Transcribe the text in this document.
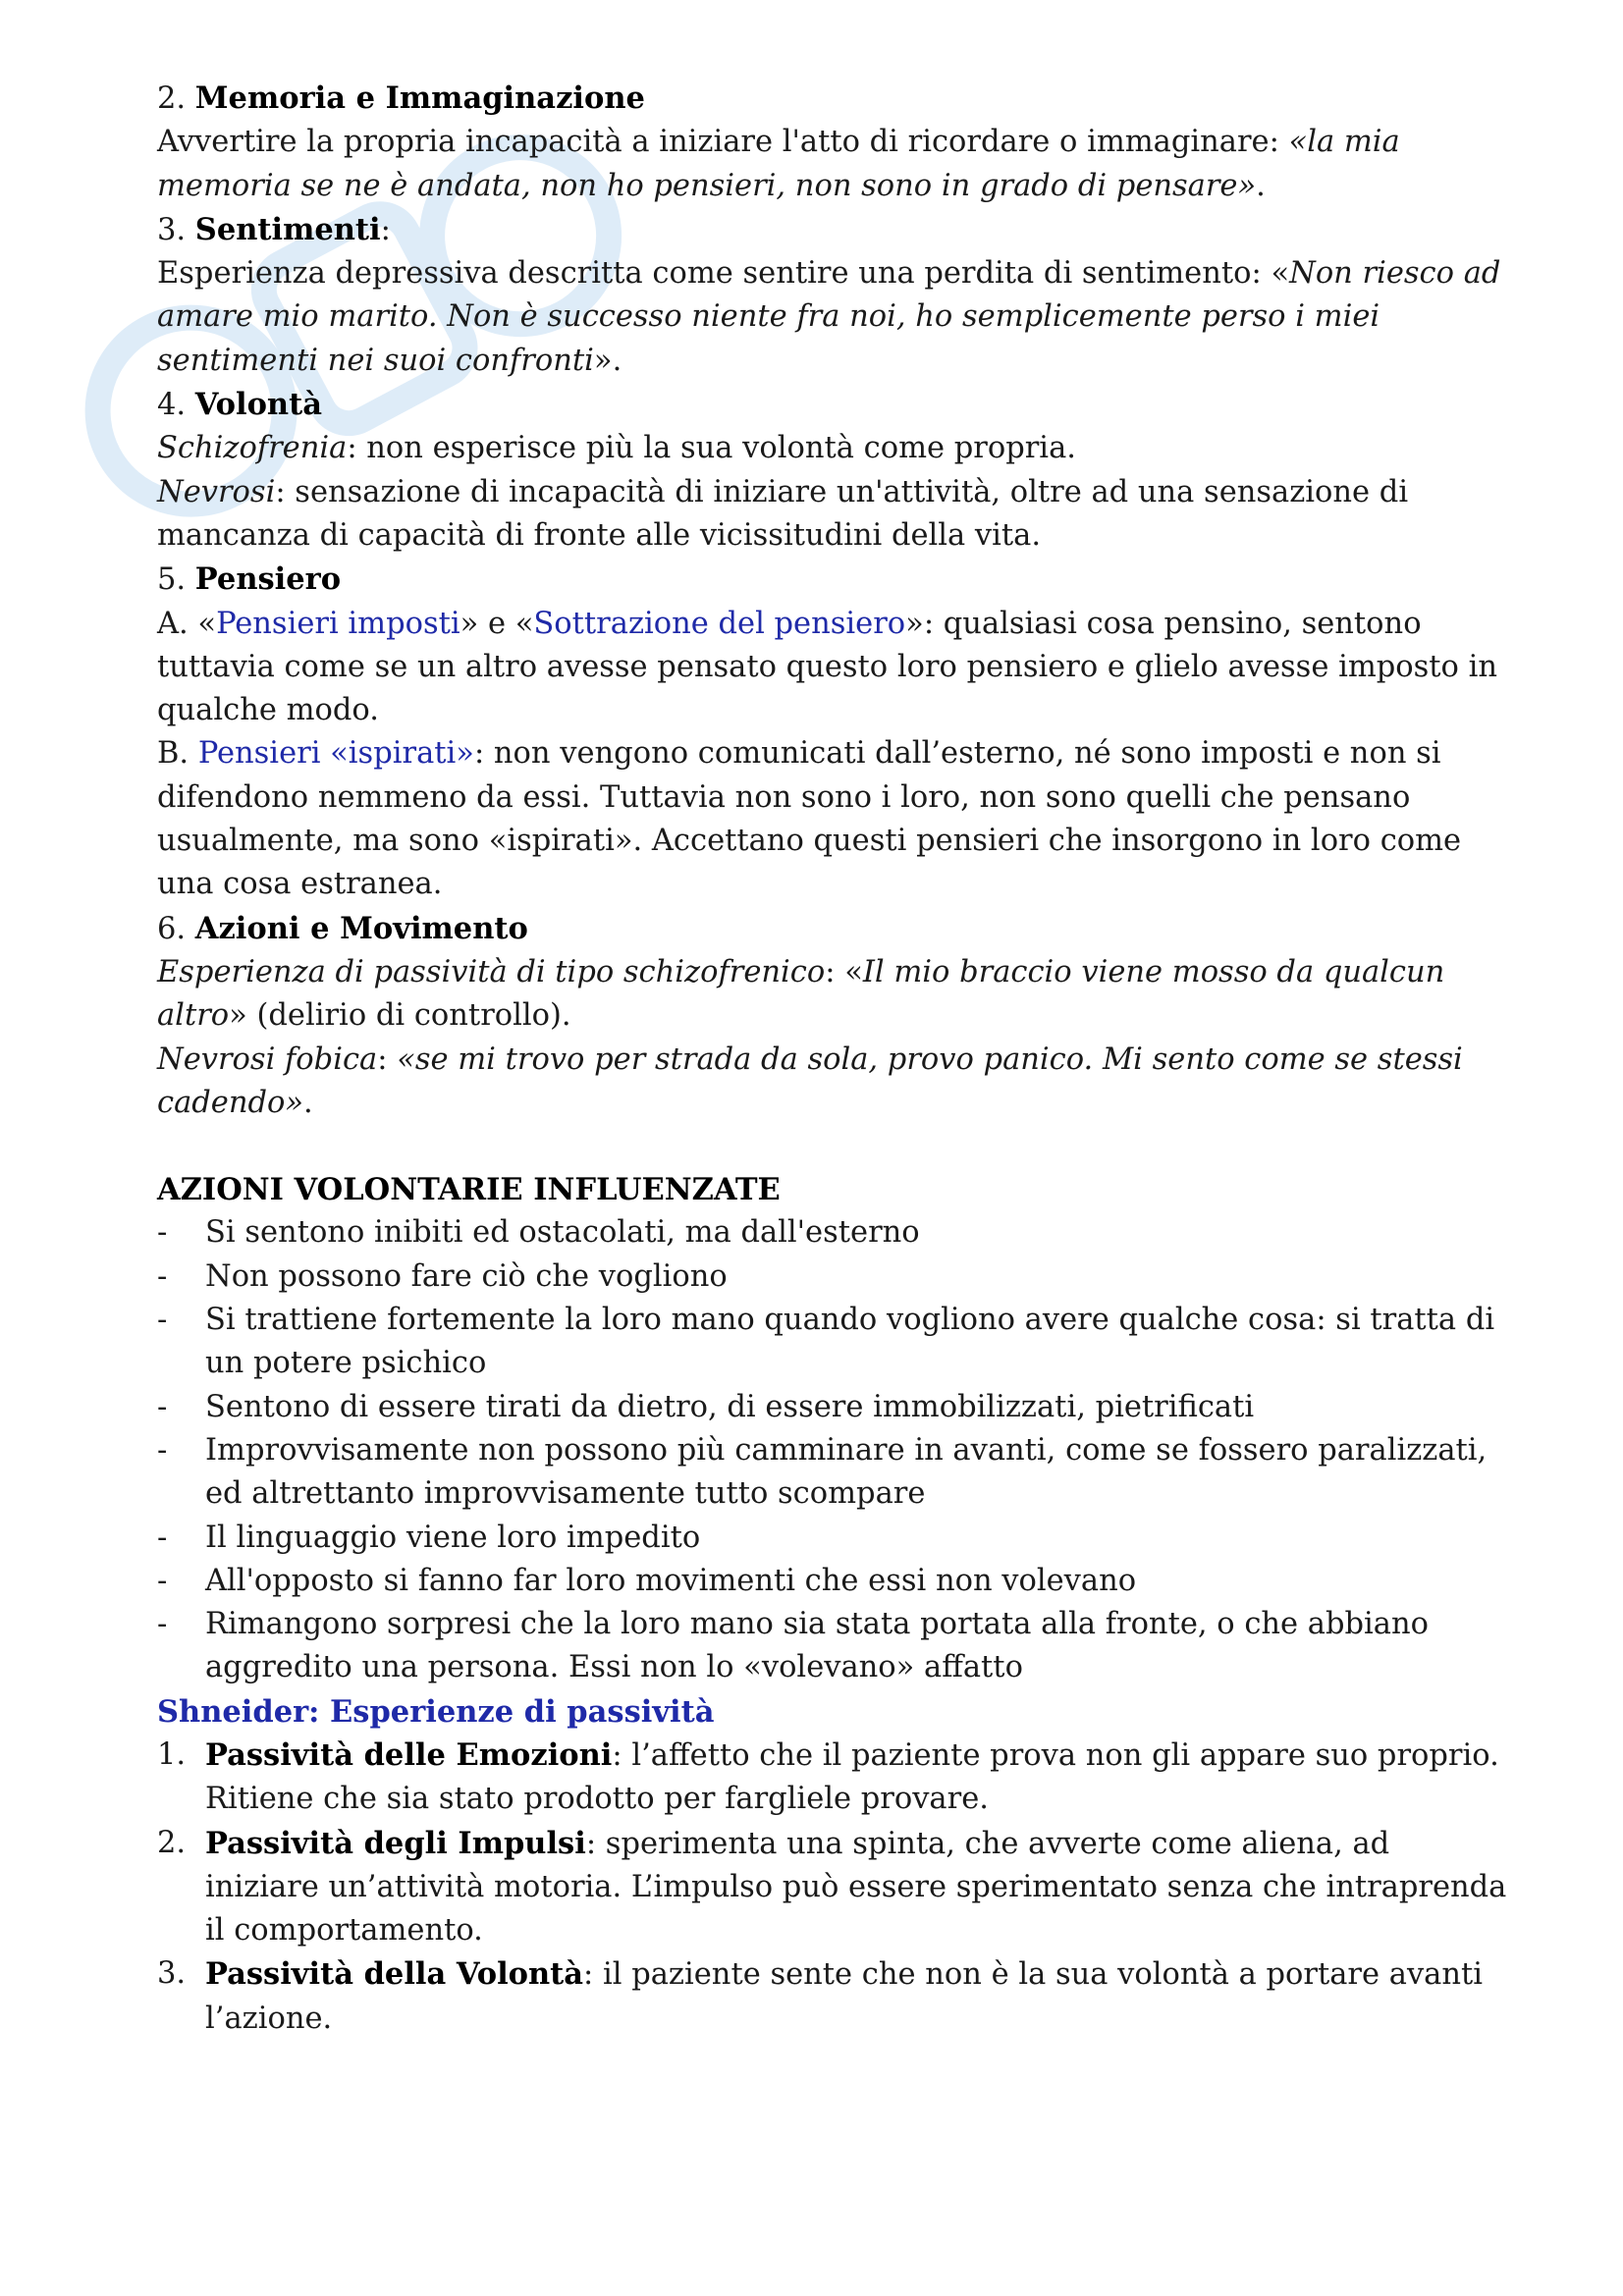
2. Memoria e Immaginazione

Avvertire la propria incapacità a iniziare l'atto di ricordare o immaginare: «la mia memoria se ne è andata, non ho pensieri, non sono in grado di pensare».

3. Sentimenti:

Esperienza depressiva descritta come sentire una perdita di sentimento: «Non riesco ad amare mio marito. Non è successo niente fra noi, ho semplicemente perso i miei sentimenti nei suoi confronti».

4. Volontà

Schizofrenia: non esperisce più la sua volontà come propria.

Nevrosi: sensazione di incapacità di iniziare un'attività, oltre ad una sensazione di mancanza di capacità di fronte alle vicissitudini della vita.

5. Pensiero

A. «Pensieri imposti» e «Sottrazione del pensiero»: qualsiasi cosa pensino, sentono tuttavia come se un altro avesse pensato questo loro pensiero e glielo avesse imposto in qualche modo.

B. Pensieri «ispirati»: non vengono comunicati dall’esterno, né sono imposti e non si difendono nemmeno da essi. Tuttavia non sono i loro, non sono quelli che pensano usualmente, ma sono «ispirati». Accettano questi pensieri che insorgono in loro come una cosa estranea.

6. Azioni e Movimento

Esperienza di passività di tipo schizofrenico: «Il mio braccio viene mosso da qualcun altro» (delirio di controllo).

Nevrosi fobica: «se mi trovo per strada da sola, provo panico. Mi sento come se stessi cadendo».

AZIONI VOLONTARIE INFLUENZATE

- Si sentono inibiti ed ostacolati, ma dall'esterno
- Non possono fare ciò che vogliono
- Si trattiene fortemente la loro mano quando vogliono avere qualche cosa: si tratta di un potere psichico
- Sentono di essere tirati da dietro, di essere immobilizzati, pietrificati
- Improvvisamente non possono più camminare in avanti, come se fossero paralizzati, ed altrettanto improvvisamente tutto scompare
- Il linguaggio viene loro impedito
- All'opposto si fanno far loro movimenti che essi non volevano
- Rimangono sorpresi che la loro mano sia stata portata alla fronte, o che abbiano aggredito una persona. Essi non lo «volevano» affatto

Shneider: Esperienze di passività

1. Passività delle Emozioni: l’affetto che il paziente prova non gli appare suo proprio. Ritiene che sia stato prodotto per fargliele provare.
2. Passività degli Impulsi: sperimenta una spinta, che avverte come aliena, ad iniziare un’attività motoria. L’impulso può essere sperimentato senza che intraprenda il comportamento.
3. Passività della Volontà: il paziente sente che non è la sua volontà a portare avanti l’azione.
